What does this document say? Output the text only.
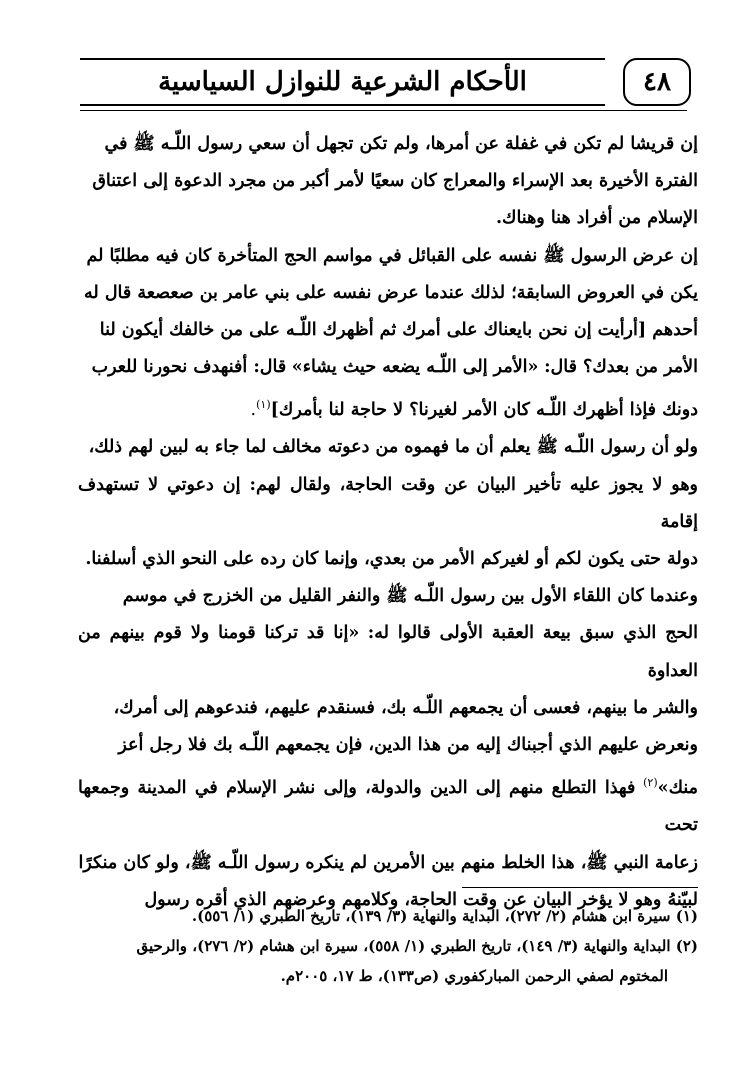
الأحكام الشرعية للنوازل السياسية	٤٨

إن قريشا لم تكن في غفلة عن أمرها، ولم تكن تجهل أن سعي رسول اللّـه ﷺ في
الفترة الأخيرة بعد الإسراء والمعراج كان سعيًا لأمر أكبر من مجرد الدعوة إلى اعتناق
الإسلام من أفراد هنا وهناك.

إن عرض الرسول ﷺ نفسه على القبائل في مواسم الحج المتأخرة كان فيه مطلبًا لم
يكن في العروض السابقة؛ لذلك عندما عرض نفسه على بني عامر بن صعصعة قال له
أحدهم [أرأيت إن نحن بايعناك على أمرك ثم أظهرك اللّـه على من خالفك أيكون لنا
الأمر من بعدك؟ قال: «الأمر إلى اللّـه يضعه حيث يشاء» قال: أفنهدف نحورنا للعرب
دونك فإذا أظهرك اللّـه كان الأمر لغيرنا؟ لا حاجة لنا بأمرك]$^{(١)}$.

ولو أن رسول اللّـه ﷺ يعلم أن ما فهموه من دعوته مخالف لما جاء به لبين لهم ذلك،
وهو لا يجوز عليه تأخير البيان عن وقت الحاجة، ولقال لهم: إن دعوتي لا تستهدف إقامة
دولة حتى يكون لكم أو لغيركم الأمر من بعدي، وإنما كان رده على النحو الذي أسلفنا.

وعندما كان اللقاء الأول بين رسول اللّـه ﷺ والنفر القليل من الخزرج في موسم
الحج الذي سبق بيعة العقبة الأولى قالوا له: «إنا قد تركنا قومنا ولا قوم بينهم من العداوة
والشر ما بينهم، فعسى أن يجمعهم اللّـه بك، فسنقدم عليهم، فندعوهم إلى أمرك،
ونعرض عليهم الذي أجبناك إليه من هذا الدين، فإن يجمعهم اللّـه بك فلا رجل أعز
منك»$^{(٢)}$ فهذا التطلع منهم إلى الدين والدولة، وإلى نشر الإسلام في المدينة وجمعها تحت
زعامة النبي ﷺ، هذا الخلط منهم بين الأمرين لم ينكره رسول اللّـه ﷺ، ولو كان منكرًا
لبيّنهُ وهو لا يؤخر البيان عن وقت الحاجة، وكلامهم وعرضهم الذي أقره رسول

(١) سيرة ابن هشام (٢/ ٢٧٢)، البداية والنهاية (٣/ ١٣٩)، تاريخ الطبري (١/ ٥٥٦).

(٢) البداية والنهاية (٣/ ١٤٩)، تاريخ الطبري (١/ ٥٥٨)، سيرة ابن هشام (٢/ ٢٧٦)، والرحيق

المختوم لصفي الرحمن المباركفوري (ص١٣٣)، ط ١٧، ٢٠٠٥م.
